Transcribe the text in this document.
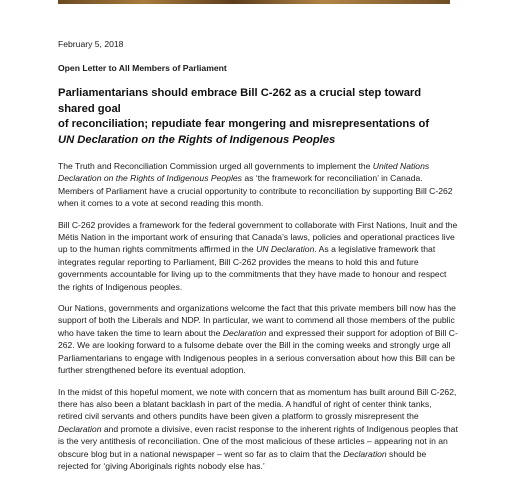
February 5, 2018

Open Letter to All Members of Parliament

Parliamentarians should embrace Bill C-262 as a crucial step toward shared goal
of reconciliation; repudiate fear mongering and misrepresentations of
UN Declaration on the Rights of Indigenous Peoples

The Truth and Reconciliation Commission urged all governments to implement the United Nations Declaration on the Rights of Indigenous Peoples as ‘the framework for reconciliation’ in Canada. Members of Parliament have a crucial opportunity to contribute to reconciliation by supporting Bill C-262 when it comes to a vote at second reading this month.

Bill C-262 provides a framework for the federal government to collaborate with First Nations, Inuit and the Métis Nation in the important work of ensuring that Canada’s laws, policies and operational practices live up to the human rights commitments affirmed in the UN Declaration. As a legislative framework that integrates regular reporting to Parliament, Bill C-262 provides the means to hold this and future governments accountable for living up to the commitments that they have made to honour and respect the rights of Indigenous peoples.

Our Nations, governments and organizations welcome the fact that this private members bill now has the support of both the Liberals and NDP. In particular, we want to commend all those members of the public who have taken the time to learn about the Declaration and expressed their support for adoption of Bill C-262. We are looking forward to a fulsome debate over the Bill in the coming weeks and strongly urge all Parliamentarians to engage with Indigenous peoples in a serious conversation about how this Bill can be further strengthened before its eventual adoption.

In the midst of this hopeful moment, we note with concern that as momentum has built around Bill C-262, there has also been a blatant backlash in part of the media. A handful of right of center think tanks, retired civil servants and others pundits have been given a platform to grossly misrepresent the Declaration and promote a divisive, even racist response to the inherent rights of Indigenous peoples that is the very antithesis of reconciliation. One of the most malicious of these articles – appearing not in an obscure blog but in a national newspaper – went so far as to claim that the Declaration should be rejected for ‘giving Aboriginals rights nobody else has.’
